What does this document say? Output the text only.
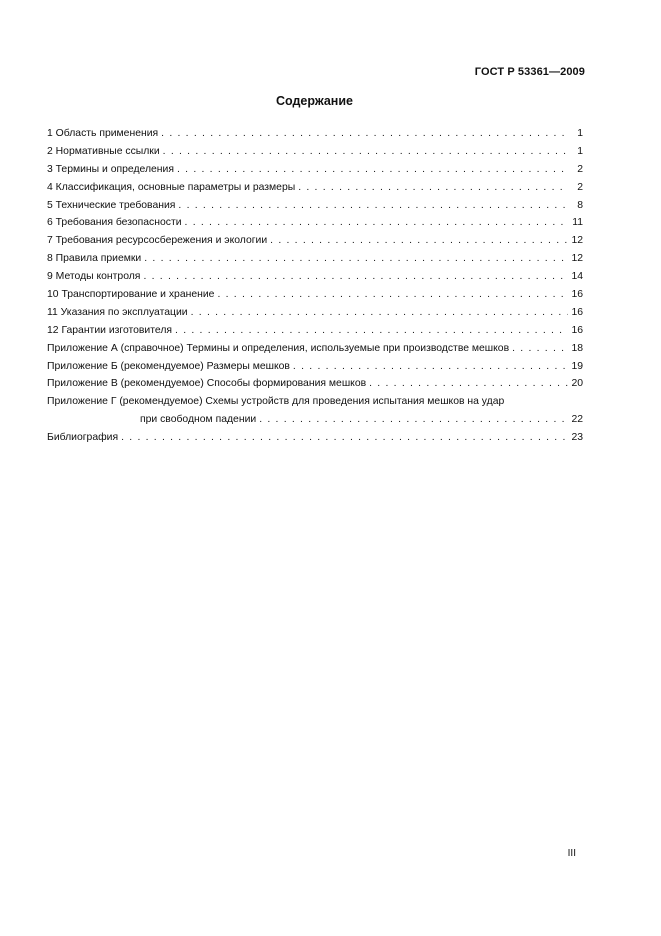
ГОСТ Р 53361—2009
Содержание
1 Область применения . . .	1
2 Нормативные ссылки . . .	1
3 Термины и определения . . .	2
4 Классификация, основные параметры и размеры . . .	2
5 Технические требования . . .	8
6 Требования безопасности . . .	11
7 Требования ресурсосбережения и экологии . . .	12
8 Правила приемки . . .	12
9 Методы контроля . . .	14
10 Транспортирование и хранение . . .	16
11 Указания по эксплуатации . . .	16
12 Гарантии изготовителя . . .	16
Приложение А (справочное) Термины и определения, используемые при производстве мешков . . .	18
Приложение Б (рекомендуемое) Размеры мешков . . .	19
Приложение В (рекомендуемое) Способы формирования мешков . . .	20
Приложение Г (рекомендуемое) Схемы устройств для проведения испытания мешков на удар
при свободном падении . . .	22
Библиография . . .	23
III
